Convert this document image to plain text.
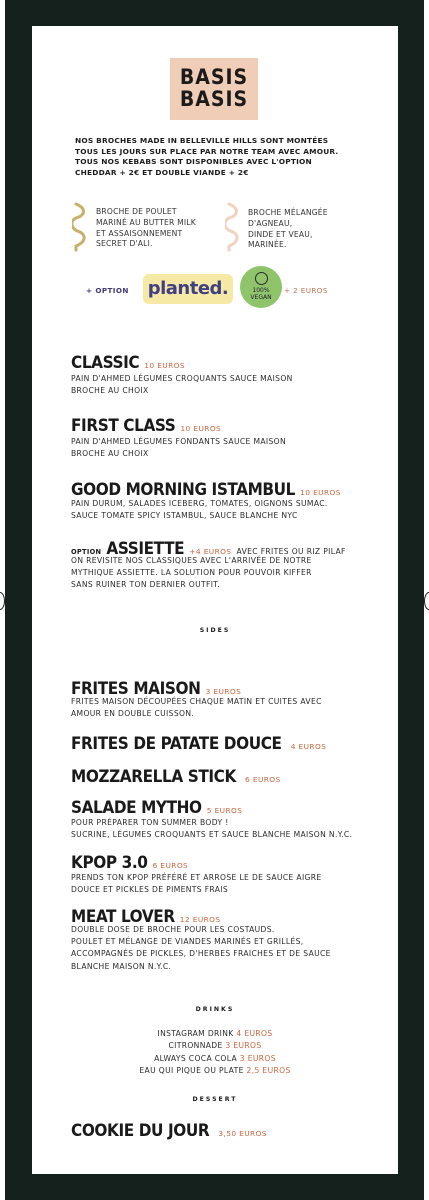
BASIS
BASIS
NOS BROCHES MADE IN BELLEVILLE HILLS SONT MONTÉES
TOUS LES JOURS SUR PLACE PAR NOTRE TEAM AVEC AMOUR.
TOUS NOS KEBABS SONT DISPONIBLES AVEC L'OPTION
CHEDDAR + 2€ ET DOUBLE VIANDE + 2€
BROCHE DE POULET
MARINÉ AU BUTTER MILK
ET ASSAISONNEMENT
SECRET D'ALI.
BROCHE MÉLANGÉE
D'AGNEAU,
DINDE ET VEAU,
MARINÉE.
+ OPTION planted.	100%
VEGAN
+ 2 EUROS
CLASSIC 10 EUROS
PAIN D'AHMED LÉGUMES CROQUANTS SAUCE MAISON
BROCHE AU CHOIX
FIRST CLASS 10 EUROS
PAIN D'AHMED LÉGUMES FONDANTS SAUCE MAISON
BROCHE AU CHOIX
GOOD MORNING ISTAMBUL 10 EUROS
PAIN DURUM, SALADES ICEBERG, TOMATES, OIGNONS SUMAC.
SAUCE TOMATE SPICY ISTAMBUL, SAUCE BLANCHE NYC
OPTION ASSIETTE +4 EUROS AVEC FRITES OU RIZ PILAF
ON REVISITE NOS CLASSIQUES AVEC L'ARRIVÉE DE NOTRE
MYTHIQUE ASSIETTE. LA SOLUTION POUR POUVOIR KIFFER
SANS RUINER TON DERNIER OUTFIT.
SIDES
FRITES MAISON 3 EUROS
FRITES MAISON DÉCOUPÉES CHAQUE MATIN ET CUITES AVEC
AMOUR EN DOUBLE CUISSON.
FRITES DE PATATE DOUCE 4 EUROS
MOZZARELLA STICK 6 EUROS
SALADE MYTHO 5 EUROS
POUR PRÉPARER TON SUMMER BODY !
SUCRINE, LÉGUMES CROQUANTS ET SAUCE BLANCHE MAISON N.Y.C.
KPOP 3.0 6 EUROS
PRENDS TON KPOP PRÉFÉRÉ ET ARROSE LE DE SAUCE AIGRE
DOUCE ET PICKLES DE PIMENTS FRAIS
MEAT LOVER 12 EUROS
DOUBLE DOSE DE BROCHE POUR LES COSTAUDS.
POULET ET MÉLANGE DE VIANDES MARINÉS ET GRILLÉS,
ACCOMPAGNÉS DE PICKLES, D'HERBES FRAICHES ET DE SAUCE
BLANCHE MAISON N.Y.C.
DRINKS
INSTAGRAM DRINK 4 EUROS
CITRONNADE 3 EUROS
ALWAYS COCA COLA 3 EUROS
EAU QUI PIQUE OU PLATE 2,5 EUROS
DESSERT
COOKIE DU JOUR 3,50 EUROS
